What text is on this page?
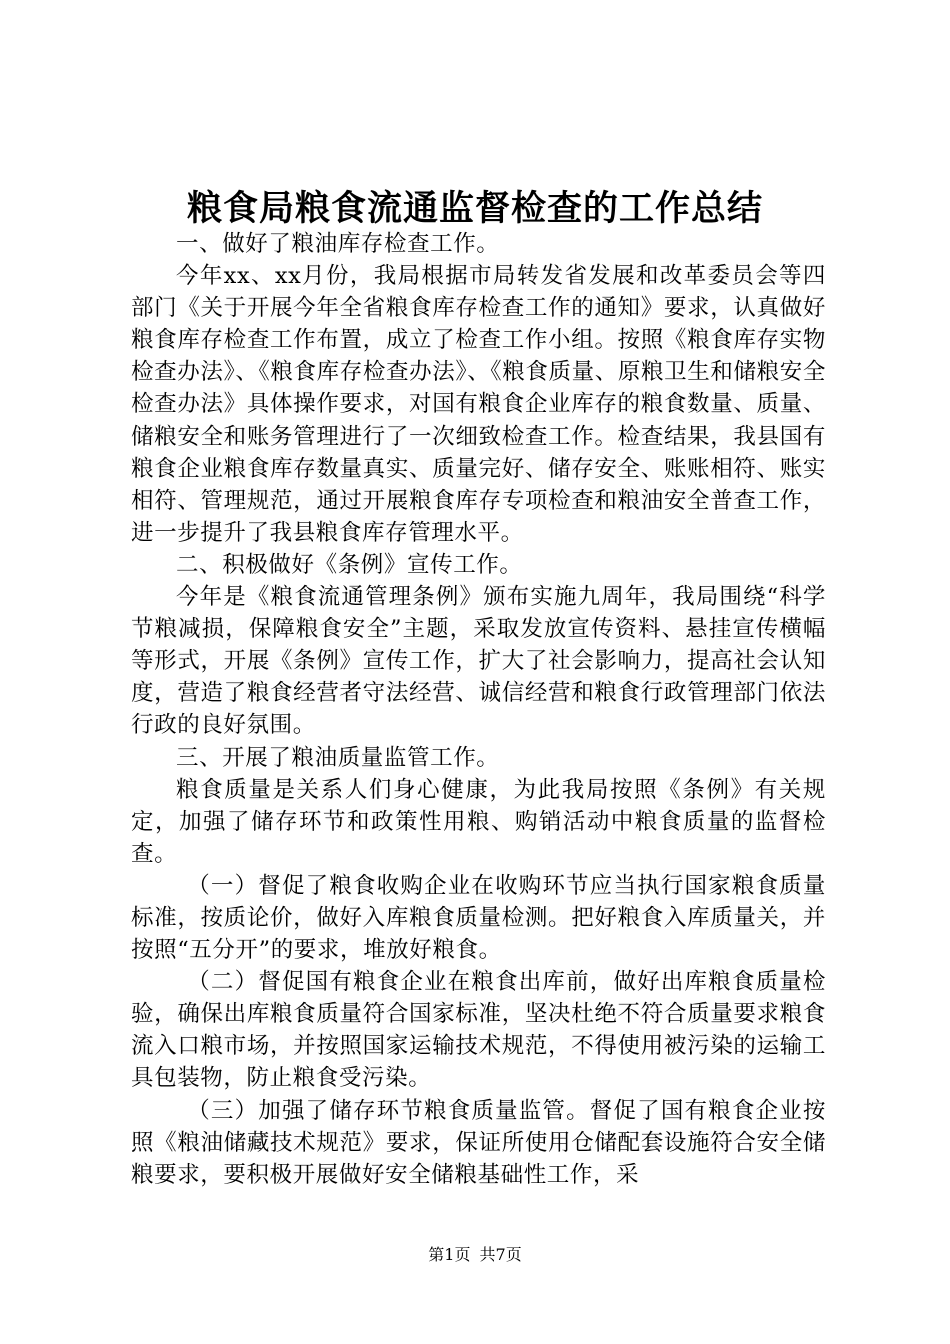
粮食局粮食流通监督检查的工作总结

一、做好了粮油库存检查工作。

今年xx、xx月份，我局根据市局转发省发展和改革委员会等四部门《关于开展今年全省粮食库存检查工作的通知》要求，认真做好粮食库存检查工作布置，成立了检查工作小组。按照《粮食库存实物检查办法》、《粮食库存检查办法》、《粮食质量、原粮卫生和储粮安全检查办法》具体操作要求，对国有粮食企业库存的粮食数量、质量、储粮安全和账务管理进行了一次细致检查工作。检查结果，我县国有粮食企业粮食库存数量真实、质量完好、储存安全、账账相符、账实相符、管理规范，通过开展粮食库存专项检查和粮油安全普查工作，进一步提升了我县粮食库存管理水平。

二、积极做好《条例》宣传工作。

今年是《粮食流通管理条例》颁布实施九周年，我局围绕“科学节粮减损，保障粮食安全”主题，采取发放宣传资料、悬挂宣传横幅等形式，开展《条例》宣传工作，扩大了社会影响力，提高社会认知度，营造了粮食经营者守法经营、诚信经营和粮食行政管理部门依法行政的良好氛围。

三、开展了粮油质量监管工作。

粮食质量是关系人们身心健康，为此我局按照《条例》有关规定，加强了储存环节和政策性用粮、购销活动中粮食质量的监督检查。

（一）督促了粮食收购企业在收购环节应当执行国家粮食质量标准，按质论价，做好入库粮食质量检测。把好粮食入库质量关，并按照“五分开”的要求，堆放好粮食。

（二）督促国有粮食企业在粮食出库前，做好出库粮食质量检验，确保出库粮食质量符合国家标准，坚决杜绝不符合质量要求粮食流入口粮市场，并按照国家运输技术规范，不得使用被污染的运输工具包装物，防止粮食受污染。

（三）加强了储存环节粮食质量监管。督促了国有粮食企业按照《粮油储藏技术规范》要求，保证所使用仓储配套设施符合安全储粮要求，要积极开展做好安全储粮基础性工作，采

第1页 共7页
